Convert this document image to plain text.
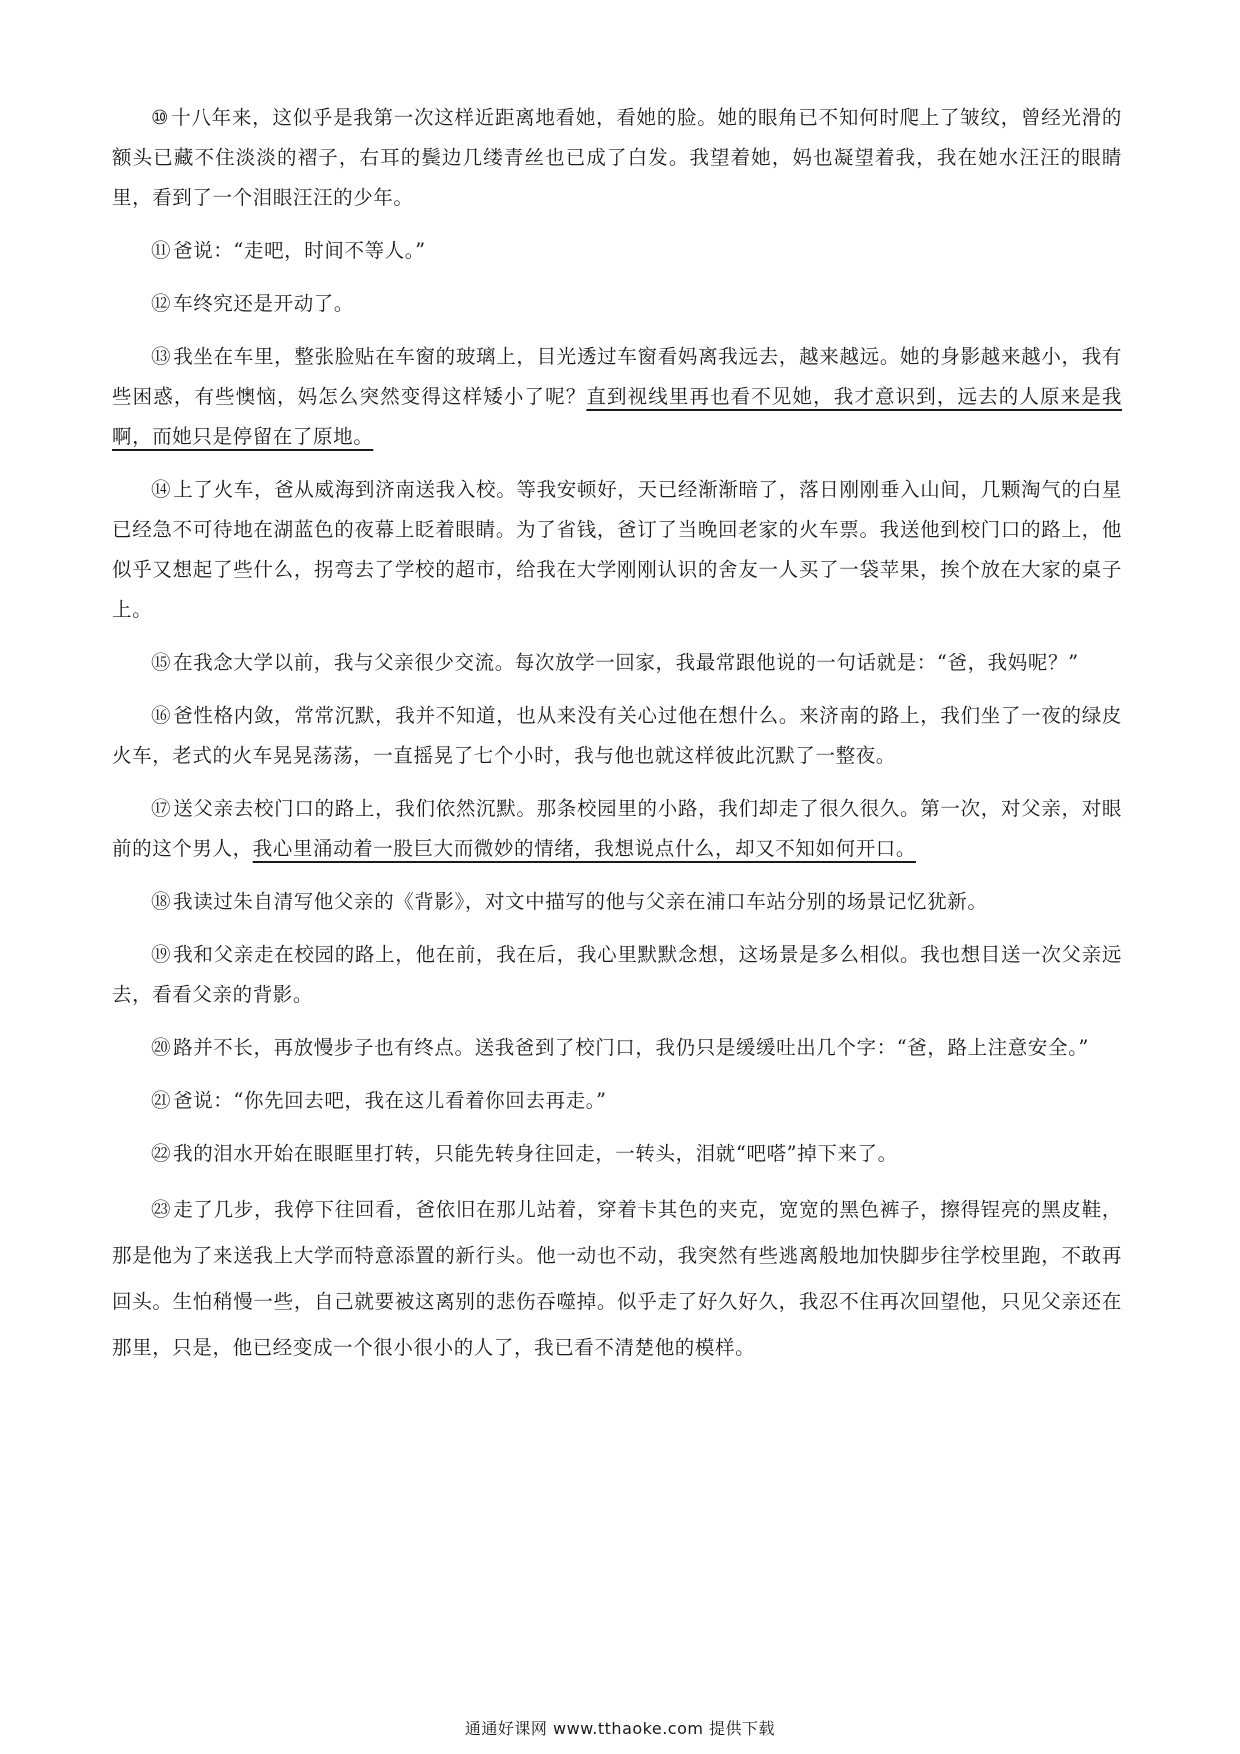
⑩ 十八年来，这似乎是我第一次这样近距离地看她，看她的脸。她的眼角已不知何时爬上了皱纹，曾经光滑的额头已藏不住淡淡的褶子，右耳的鬓边几缕青丝也已成了白发。我望着她，妈也凝望着我，我在她水汪汪的眼睛里，看到了一个泪眼汪汪的少年。

⑪ 爸说：“走吧，时间不等人。”

⑫ 车终究还是开动了。

⑬ 我坐在车里，整张脸贴在车窗的玻璃上，目光透过车窗看妈离我远去，越来越远。她的身影越来越小，我有些困惑，有些懊恼，妈怎么突然变得这样矮小了呢？直到视线里再也看不见她，我才意识到，远去的人原来是我啊，而她只是停留在了原地。

⑭ 上了火车，爸从威海到济南送我入校。等我安顿好，天已经渐渐暗了，落日刚刚垂入山间，几颗淘气的白星已经急不可待地在湖蓝色的夜幕上眨着眼睛。为了省钱，爸订了当晚回老家的火车票。我送他到校门口的路上，他似乎又想起了些什么，拐弯去了学校的超市，给我在大学刚刚认识的舍友一人买了一袋苹果，挨个放在大家的桌子上。

⑮ 在我念大学以前，我与父亲很少交流。每次放学一回家，我最常跟他说的一句话就是：“爸，我妈呢？”

⑯ 爸性格内敛，常常沉默，我并不知道，也从来没有关心过他在想什么。来济南的路上，我们坐了一夜的绿皮火车，老式的火车晃晃荡荡，一直摇晃了七个小时，我与他也就这样彼此沉默了一整夜。

⑰ 送父亲去校门口的路上，我们依然沉默。那条校园里的小路，我们却走了很久很久。第一次，对父亲，对眼前的这个男人，我心里涌动着一股巨大而微妙的情绪，我想说点什么，却又不知如何开口。

⑱ 我读过朱自清写他父亲的《背影》，对文中描写的他与父亲在浦口车站分别的场景记忆犹新。

⑲ 我和父亲走在校园的路上，他在前，我在后，我心里默默念想，这场景是多么相似。我也想目送一次父亲远去，看看父亲的背影。

⑳ 路并不长，再放慢步子也有终点。送我爸到了校门口，我仍只是缓缓吐出几个字：“爸，路上注意安全。”

㉑ 爸说：“你先回去吧，我在这儿看着你回去再走。”

㉒ 我的泪水开始在眼眶里打转，只能先转身往回走，一转头，泪就“吧嗒”掉下来了。

㉓ 走了几步，我停下往回看，爸依旧在那儿站着，穿着卡其色的夹克，宽宽的黑色裤子，擦得锃亮的黑皮鞋，那是他为了来送我上大学而特意添置的新行头。他一动也不动，我突然有些逃离般地加快脚步往学校里跑，不敢再回头。生怕稍慢一些，自己就要被这离别的悲伤吞噬掉。似乎走了好久好久，我忍不住再次回望他，只见父亲还在那里，只是，他已经变成一个很小很小的人了，我已看不清楚他的模样。

通通好课网 www.tthaoke.com 提供下载
